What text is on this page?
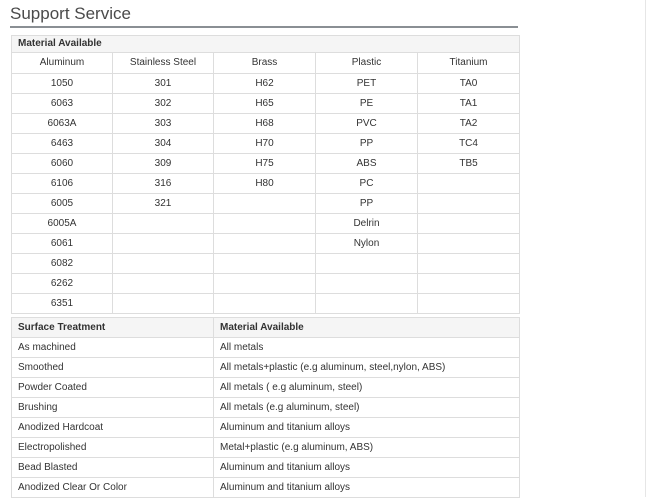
Support Service
Material Available				
Aluminum	Stainless Steel	Brass	Plastic	Titanium
1050	301	H62	PET	TA0
6063	302	H65	PE	TA1
6063A	303	H68	PVC	TA2
6463	304	H70	PP	TC4
6060	309	H75	ABS	TB5
6106	316	H80	PC	
6005	321		PP	
6005A			Delrin	
6061			Nylon	
6082				
6262				
6351				
Surface Treatment	Material Available
As machined	All metals
Smoothed	All metals+plastic (e.g aluminum, steel,nylon, ABS)
Powder Coated	All metals ( e.g aluminum, steel)
Brushing	All metals (e.g aluminum, steel)
Anodized Hardcoat	Aluminum and titanium alloys
Electropolished	Metal+plastic (e.g aluminum, ABS)
Bead Blasted	Aluminum and titanium alloys
Anodized Clear Or Color	Aluminum and titanium alloys
